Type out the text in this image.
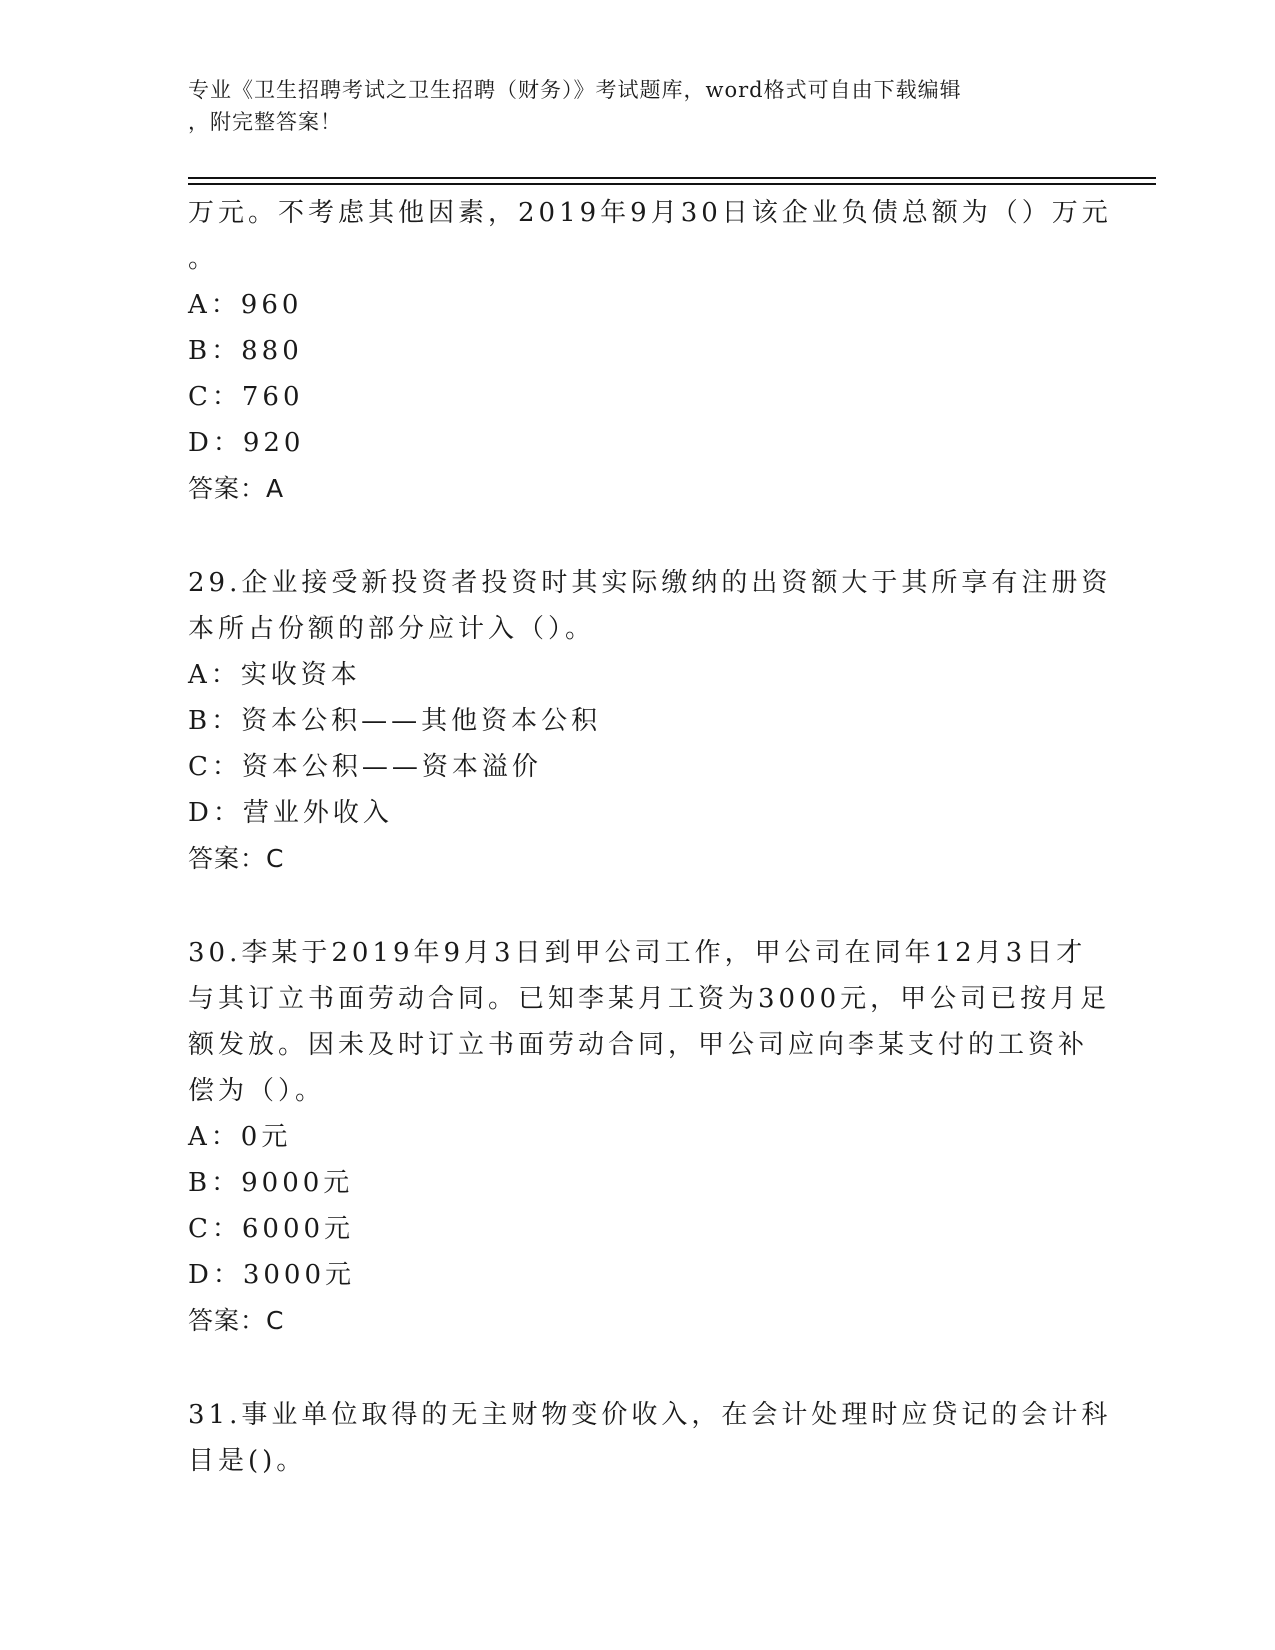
专业《卫生招聘考试之卫生招聘（财务）》考试题库，word格式可自由下载编辑
，附完整答案！
万元。不考虑其他因素，2019年9月30日该企业负债总额为（）万元
。
A：960
B：880
C：760
D：920
答案：A
29.企业接受新投资者投资时其实际缴纳的出资额大于其所享有注册资
本所占份额的部分应计入（）。
A：实收资本
B：资本公积——其他资本公积
C：资本公积——资本溢价
D：营业外收入
答案：C
30.李某于2019年9月3日到甲公司工作，甲公司在同年12月3日才
与其订立书面劳动合同。已知李某月工资为3000元，甲公司已按月足
额发放。因未及时订立书面劳动合同，甲公司应向李某支付的工资补
偿为（）。
A：0元
B：9000元
C：6000元
D：3000元
答案：C
31.事业单位取得的无主财物变价收入，在会计处理时应贷记的会计科
目是()。
